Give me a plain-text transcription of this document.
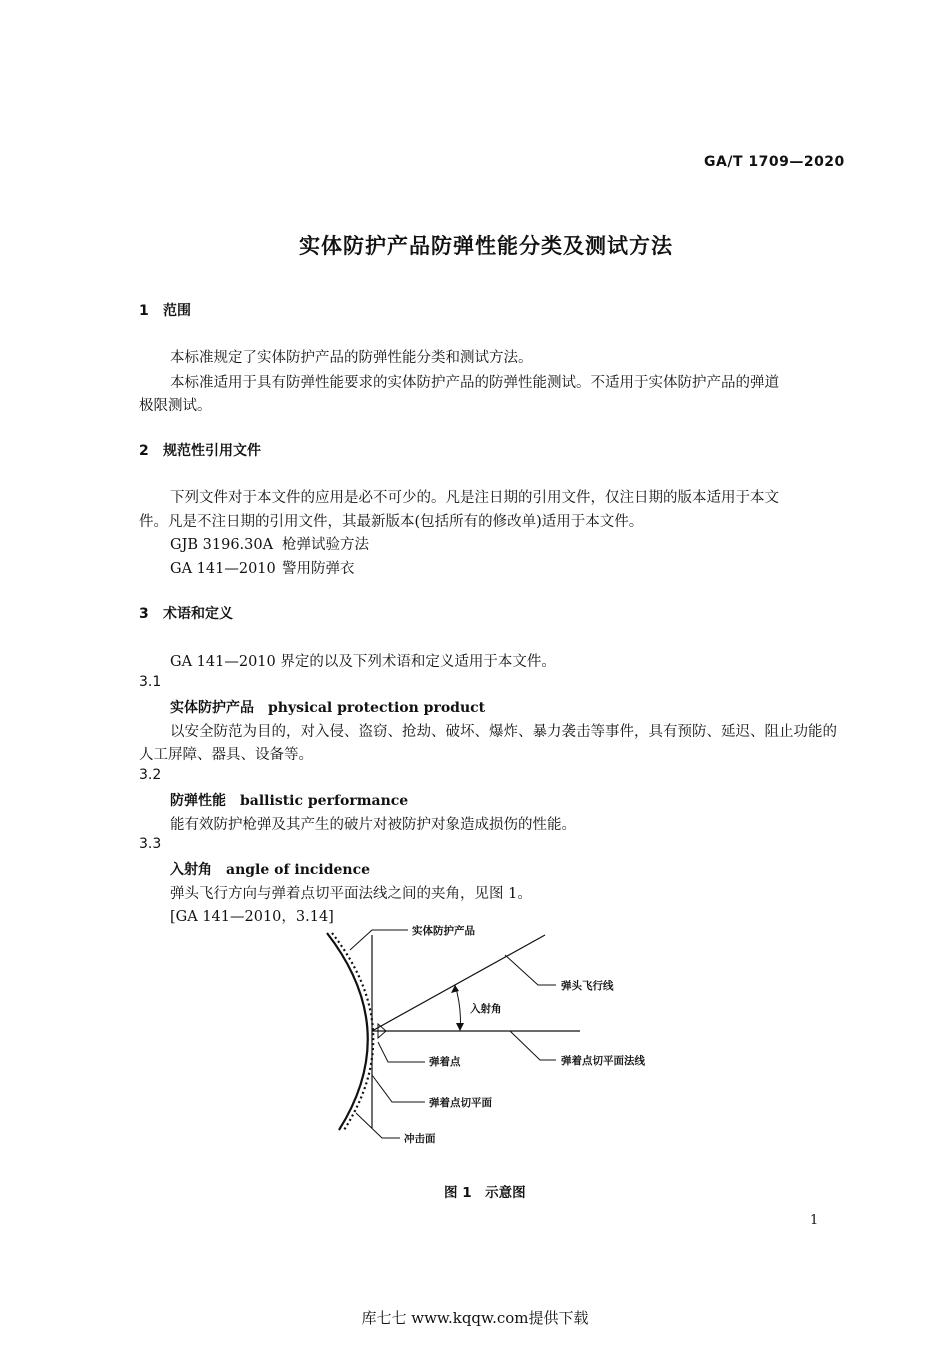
GA/T 1709—2020
实体防护产品防弹性能分类及测试方法
1 范围
本标准规定了实体防护产品的防弹性能分类和测试方法。
本标准适用于具有防弹性能要求的实体防护产品的防弹性能测试。不适用于实体防护产品的弹道
极限测试。
2 规范性引用文件
下列文件对于本文件的应用是必不可少的。凡是注日期的引用文件，仅注日期的版本适用于本文
件。凡是不注日期的引用文件，其最新版本(包括所有的修改单)适用于本文件。
GJB 3196.30A 枪弹试验方法
GA 141—2010 警用防弹衣
3 术语和定义
GA 141—2010 界定的以及下列术语和定义适用于本文件。
3.1
实体防护产品 physical protection product
以安全防范为目的，对入侵、盗窃、抢劫、破坏、爆炸、暴力袭击等事件，具有预防、延迟、阻止功能的
人工屏障、器具、设备等。
3.2
防弹性能 ballistic performance
能有效防护枪弹及其产生的破片对被防护对象造成损伤的性能。
3.3
入射角 angle of incidence
弹头飞行方向与弹着点切平面法线之间的夹角，见图 1。
[GA 141—2010，3.14]
实体防护产品
弹头飞行线
入射角
弹着点	弹着点切平面法线
弹着点切平面
冲击面
图 1　示意图
1
库七七 www.kqqw.com提供下载
